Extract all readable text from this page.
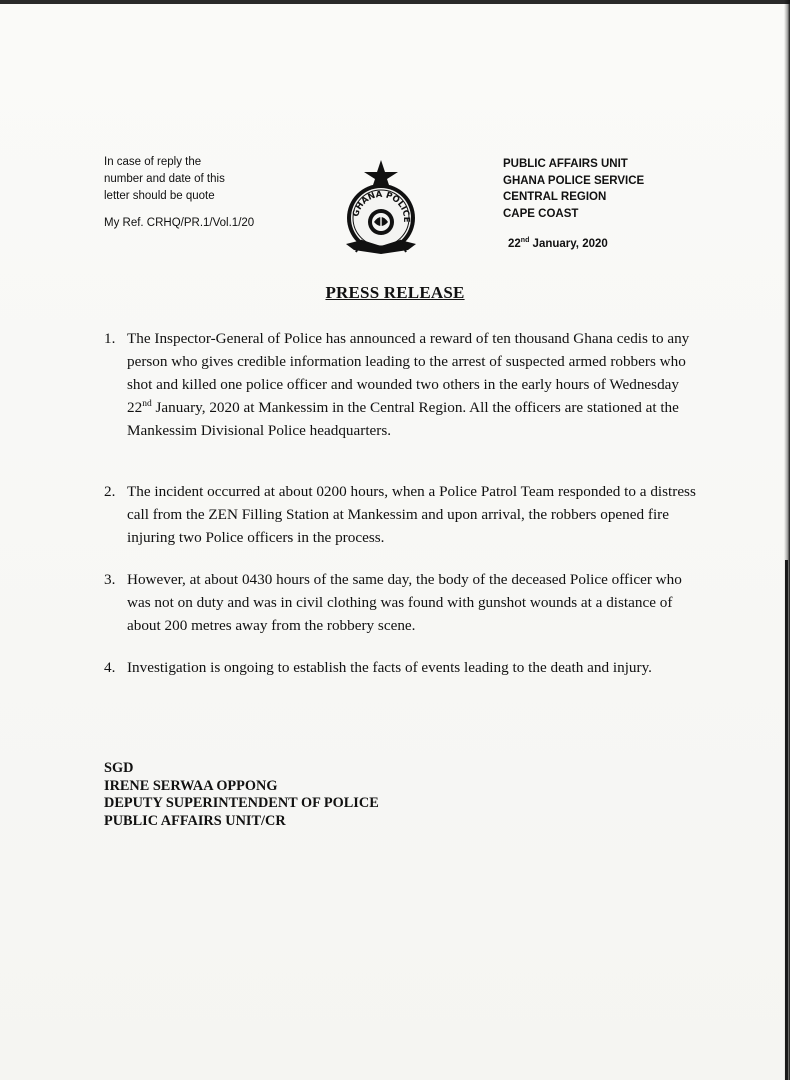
In case of reply the
number and date of this
letter should be quote
My Ref. CRHQ/PR.1/Vol.1/20
GHANA POLICE
PUBLIC AFFAIRS UNIT
GHANA POLICE SERVICE
CENTRAL REGION
CAPE COAST
22nd January, 2020
PRESS RELEASE
1. The Inspector-General of Police has announced a reward of ten thousand Ghana cedis to any person who gives credible information leading to the arrest of suspected armed robbers who shot and killed one police officer and wounded two others in the early hours of Wednesday 22nd January, 2020 at Mankessim in the Central Region. All the officers are stationed at the Mankessim Divisional Police headquarters.
2. The incident occurred at about 0200 hours, when a Police Patrol Team responded to a distress call from the ZEN Filling Station at Mankessim and upon arrival, the robbers opened fire injuring two Police officers in the process.
3. However, at about 0430 hours of the same day, the body of the deceased Police officer who was not on duty and was in civil clothing was found with gunshot wounds at a distance of about 200 metres away from the robbery scene.
4. Investigation is ongoing to establish the facts of events leading to the death and injury.
SGD
IRENE SERWAA OPPONG
DEPUTY SUPERINTENDENT OF POLICE
PUBLIC AFFAIRS UNIT/CR
